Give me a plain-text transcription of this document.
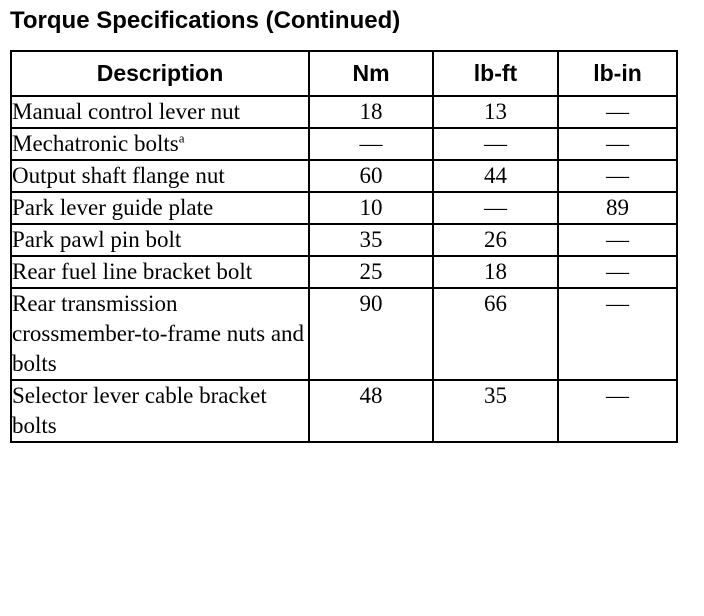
Torque Specifications (Continued)
Description	Nm	lb-ft	lb-in
Manual control lever nut	18	13	—
Mechatronic bolts$^a$	—	—	—
Output shaft flange nut	60	44	—
Park lever guide plate	10	—	89
Park pawl pin bolt	35	26	—
Rear fuel line bracket bolt	25	18	—
Rear transmission crossmember-to-frame nuts and bolts	90	66	—
Selector lever cable bracket bolts	48	35	—
